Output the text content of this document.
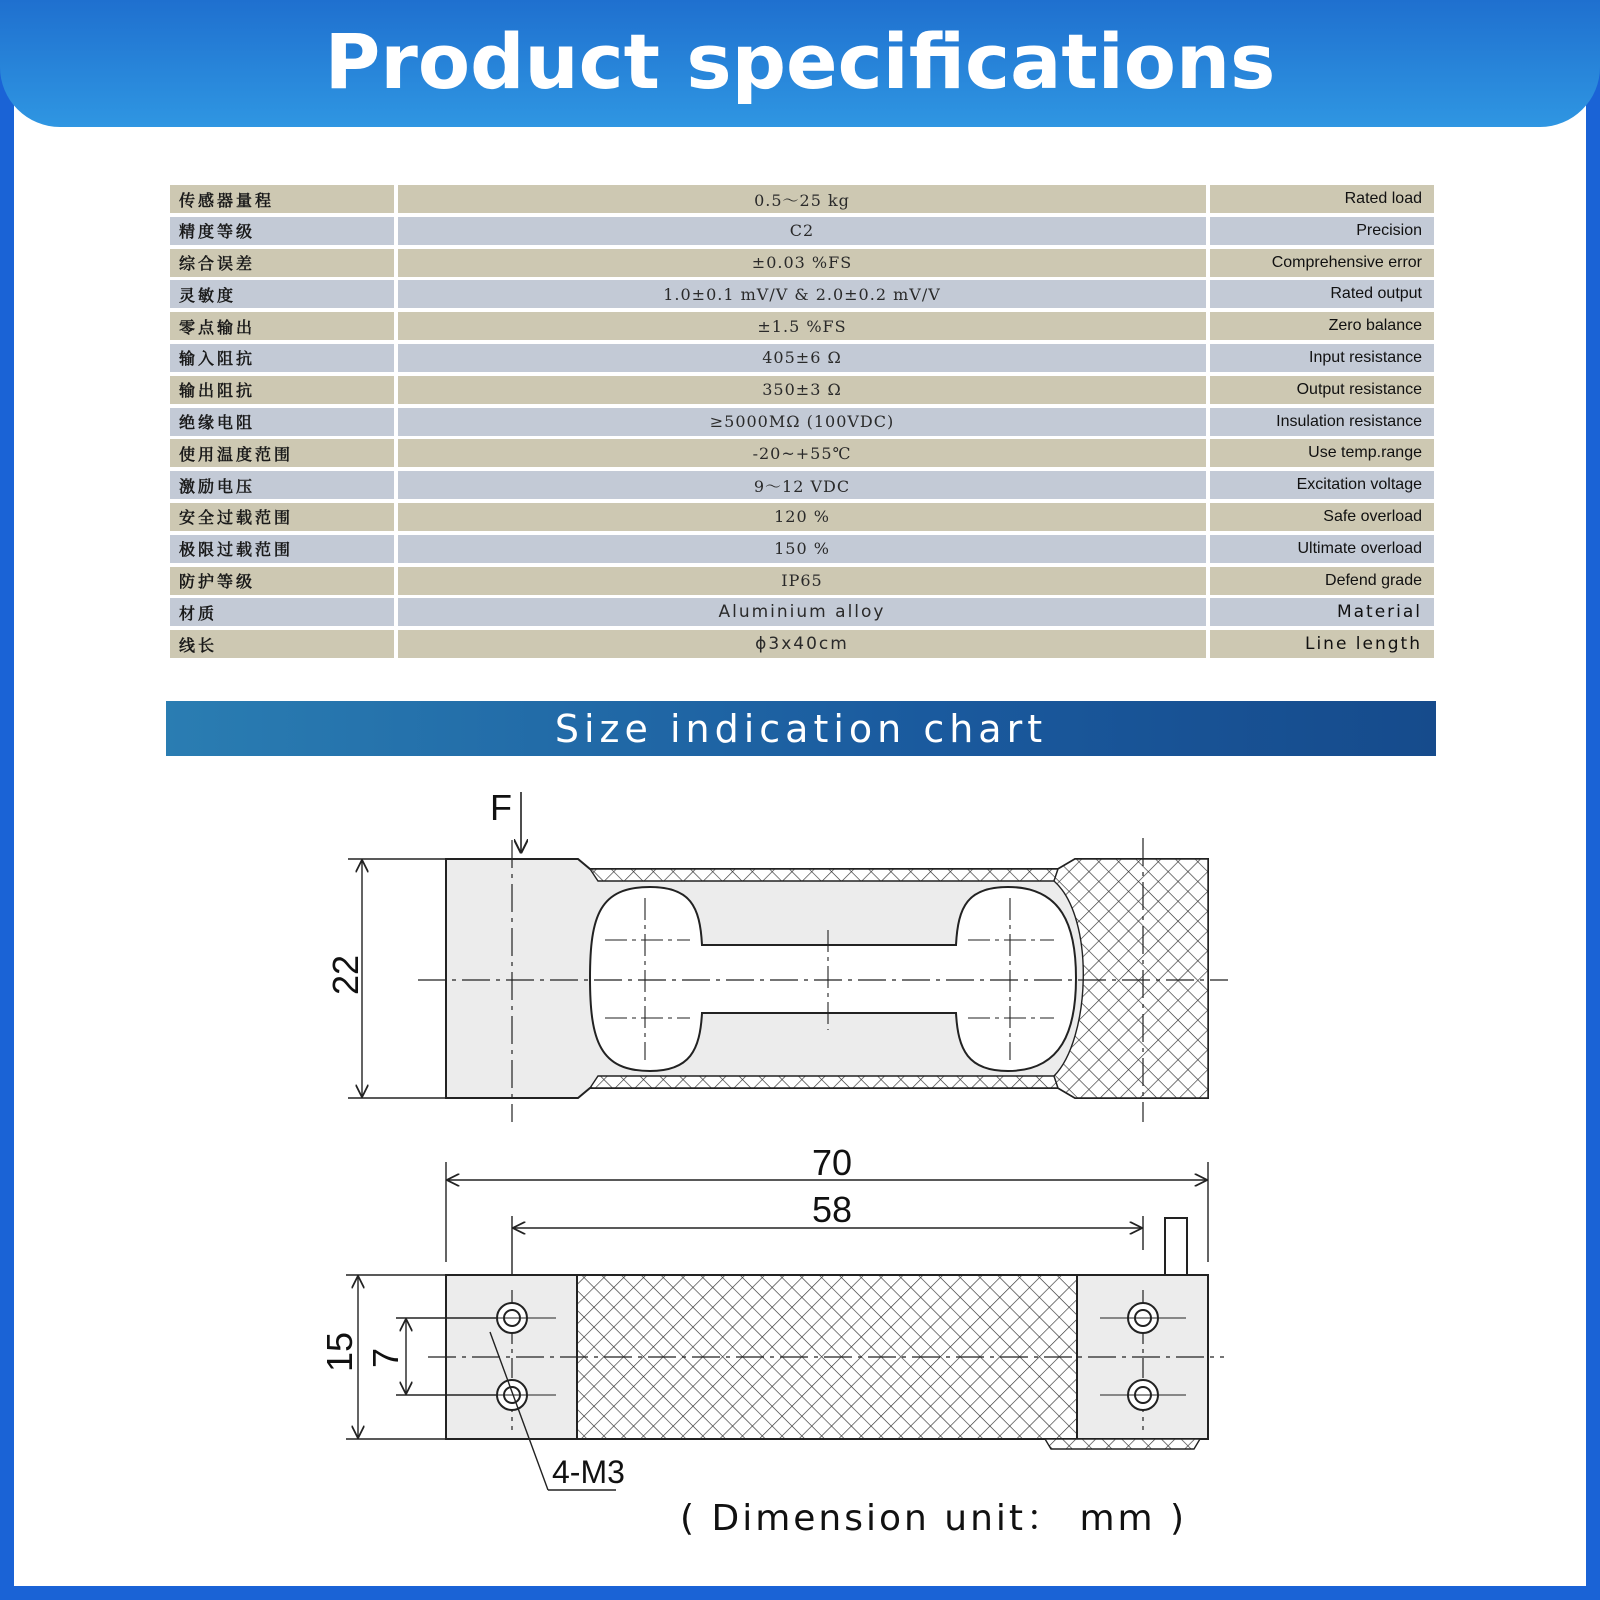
Product specifications
传感器量程	0.5～25 kg	Rated load
精度等级	C2	Precision
综合误差	±0.03 %FS	Comprehensive error
灵敏度	1.0±0.1 mV/V & 2.0±0.2 mV/V	Rated output
零点输出	±1.5 %FS	Zero balance
输入阻抗	405±6 Ω	Input resistance
输出阻抗	350±3 Ω	Output resistance
绝缘电阻	≥5000MΩ (100VDC)	Insulation resistance
使用温度范围	-20~+55℃	Use temp.range
激励电压	9～12 VDC	Excitation voltage
安全过载范围	120 %	Safe overload
极限过载范围	150 %	Ultimate overload
防护等级	IP65	Defend grade
材质	Aluminium alloy	Material
线长	ϕ3x40cm	Line length
Size indication chart
F
22
70
58
15 7
4-M3
( Dimension unit： mm )
